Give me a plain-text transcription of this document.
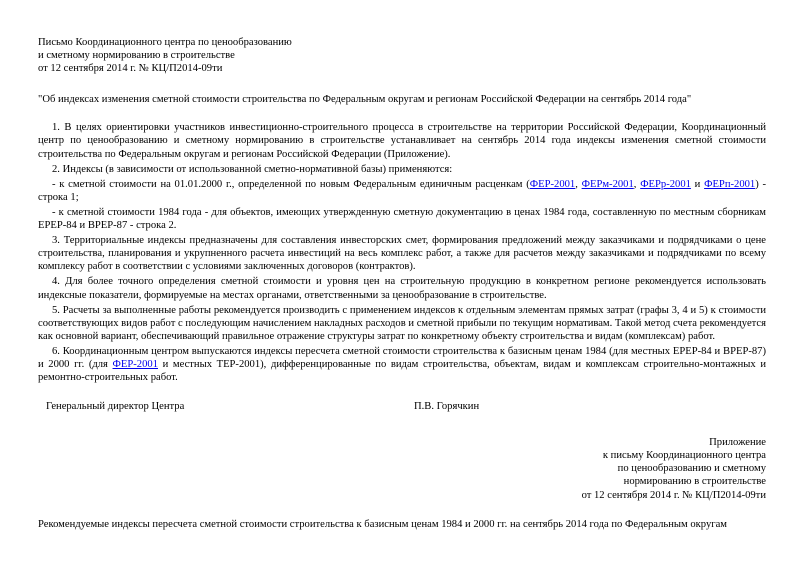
Письмо Координационного центра по ценообразованию
и сметному нормированию в строительстве
от 12 сентября 2014 г. № КЦ/П2014-09ти
"Об индексах изменения сметной стоимости строительства по Федеральным округам и регионам Российской Федерации на сентябрь 2014 года"

1. В целях ориентировки участников инвестиционно-строительного процесса в строительстве на территории Российской Федерации, Координационный центр по ценообразованию и сметному нормированию в строительстве устанавливает на сентябрь 2014 года индексы изменения сметной стоимости строительства по Федеральным округам и регионам Российской Федерации (Приложение).

2. Индексы (в зависимости от использованной сметно-нормативной базы) применяются:

- к сметной стоимости на 01.01.2000 г., определенной по новым Федеральным единичным расценкам (ФЕР-2001, ФЕРм-2001, ФЕРр-2001 и ФЕРп-2001) - строка 1;

- к сметной стоимости 1984 года - для объектов, имеющих утвержденную сметную документацию в ценах 1984 года, составленную по местным сборникам ЕРЕР-84 и ВРЕР-87 - строка 2.

3. Территориальные индексы предназначены для составления инвесторских смет, формирования предложений между заказчиками и подрядчиками о цене строительства, планирования и укрупненного расчета инвестиций на весь комплекс работ, а также для расчетов между заказчиками и подрядчиками по всему комплексу работ в соответствии с условиями заключенных договоров (контрактов).

4. Для более точного определения сметной стоимости и уровня цен на строительную продукцию в конкретном регионе рекомендуется использовать индексные показатели, формируемые на местах органами, ответственными за ценообразование в строительстве.

5. Расчеты за выполненные работы рекомендуется производить с применением индексов к отдельным элементам прямых затрат (графы 3, 4 и 5) к стоимости соответствующих видов работ с последующим начислением накладных расходов и сметной прибыли по текущим нормативам. Такой метод счета рекомендуется как основной вариант, обеспечивающий правильное отражение структуры затрат по конкретному объекту строительства и видам (комплексам) работ.

6. Координационным центром выпускаются индексы пересчета сметной стоимости строительства к базисным ценам 1984 (для местных ЕРЕР-84 и ВРЕР-87) и 2000 гг. (для ФЕР-2001 и местных ТЕР-2001), дифференцированные по видам строительства, объектам, видам и комплексам строительно-монтажных и ремонтно-строительных работ.

Генеральный директор Центра	П.В. Горячкин
Приложение
к письму Координационного центра
по ценообразованию и сметному
нормированию в строительстве
от 12 сентября 2014 г. № КЦ/П2014-09ти
Рекомендуемые индексы пересчета сметной стоимости строительства к базисным ценам 1984 и 2000 гг. на сентябрь 2014 года по Федеральным округам
